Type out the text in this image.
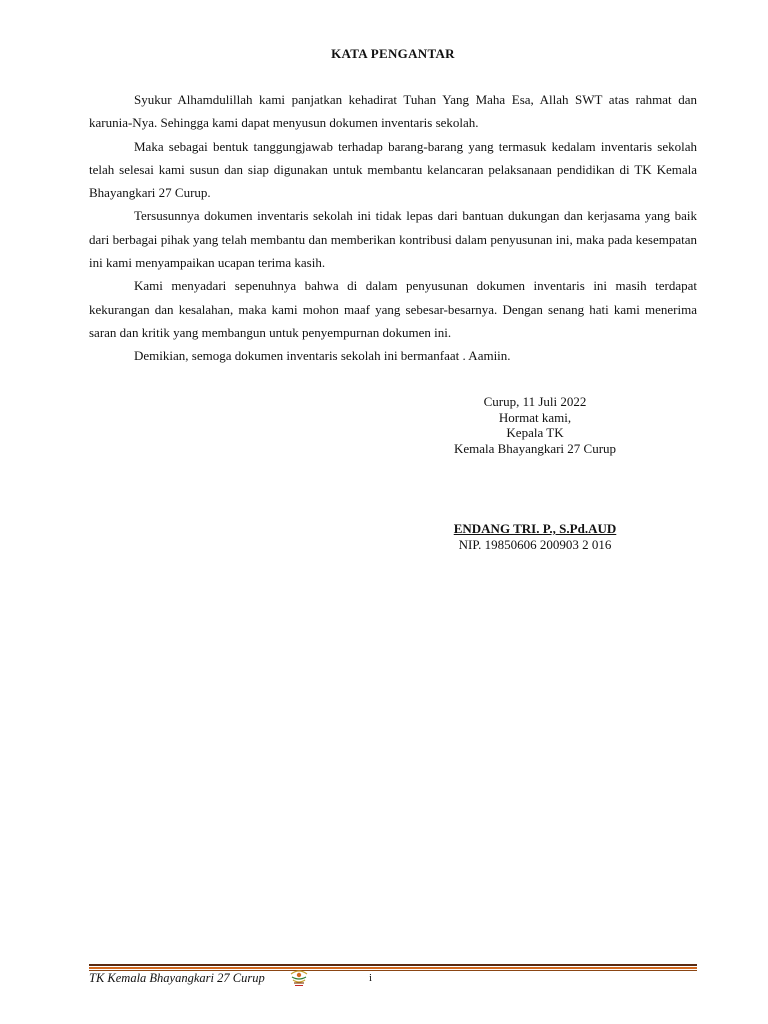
KATA PENGANTAR

Syukur Alhamdulillah kami panjatkan kehadirat Tuhan Yang Maha Esa, Allah SWT atas rahmat dan karunia-Nya. Sehingga kami dapat menyusun dokumen inventaris sekolah.

Maka sebagai bentuk tanggungjawab terhadap barang-barang yang termasuk kedalam inventaris sekolah telah selesai kami susun dan siap digunakan untuk membantu kelancaran pelaksanaan pendidikan di TK Kemala Bhayangkari 27 Curup.

Tersusunnya dokumen inventaris sekolah ini tidak lepas dari bantuan dukungan dan kerjasama yang baik dari berbagai pihak yang telah membantu dan memberikan kontribusi dalam penyusunan ini, maka pada kesempatan ini kami menyampaikan ucapan terima kasih.

Kami menyadari sepenuhnya bahwa di dalam penyusunan dokumen inventaris ini masih terdapat kekurangan dan kesalahan, maka kami mohon maaf yang sebesar-besarnya. Dengan senang hati kami menerima saran dan kritik yang membangun untuk penyempurnan dokumen ini.

Demikian, semoga dokumen inventaris sekolah ini bermanfaat . Aamiin.

Curup, 11 Juli 2022
Hormat kami,
Kepala TK
Kemala Bhayangkari 27 Curup
ENDANG TRI. P., S.Pd.AUD
NIP. 19850606 200903 2 016
TK Kemala Bhayangkari 27 Curup	i
